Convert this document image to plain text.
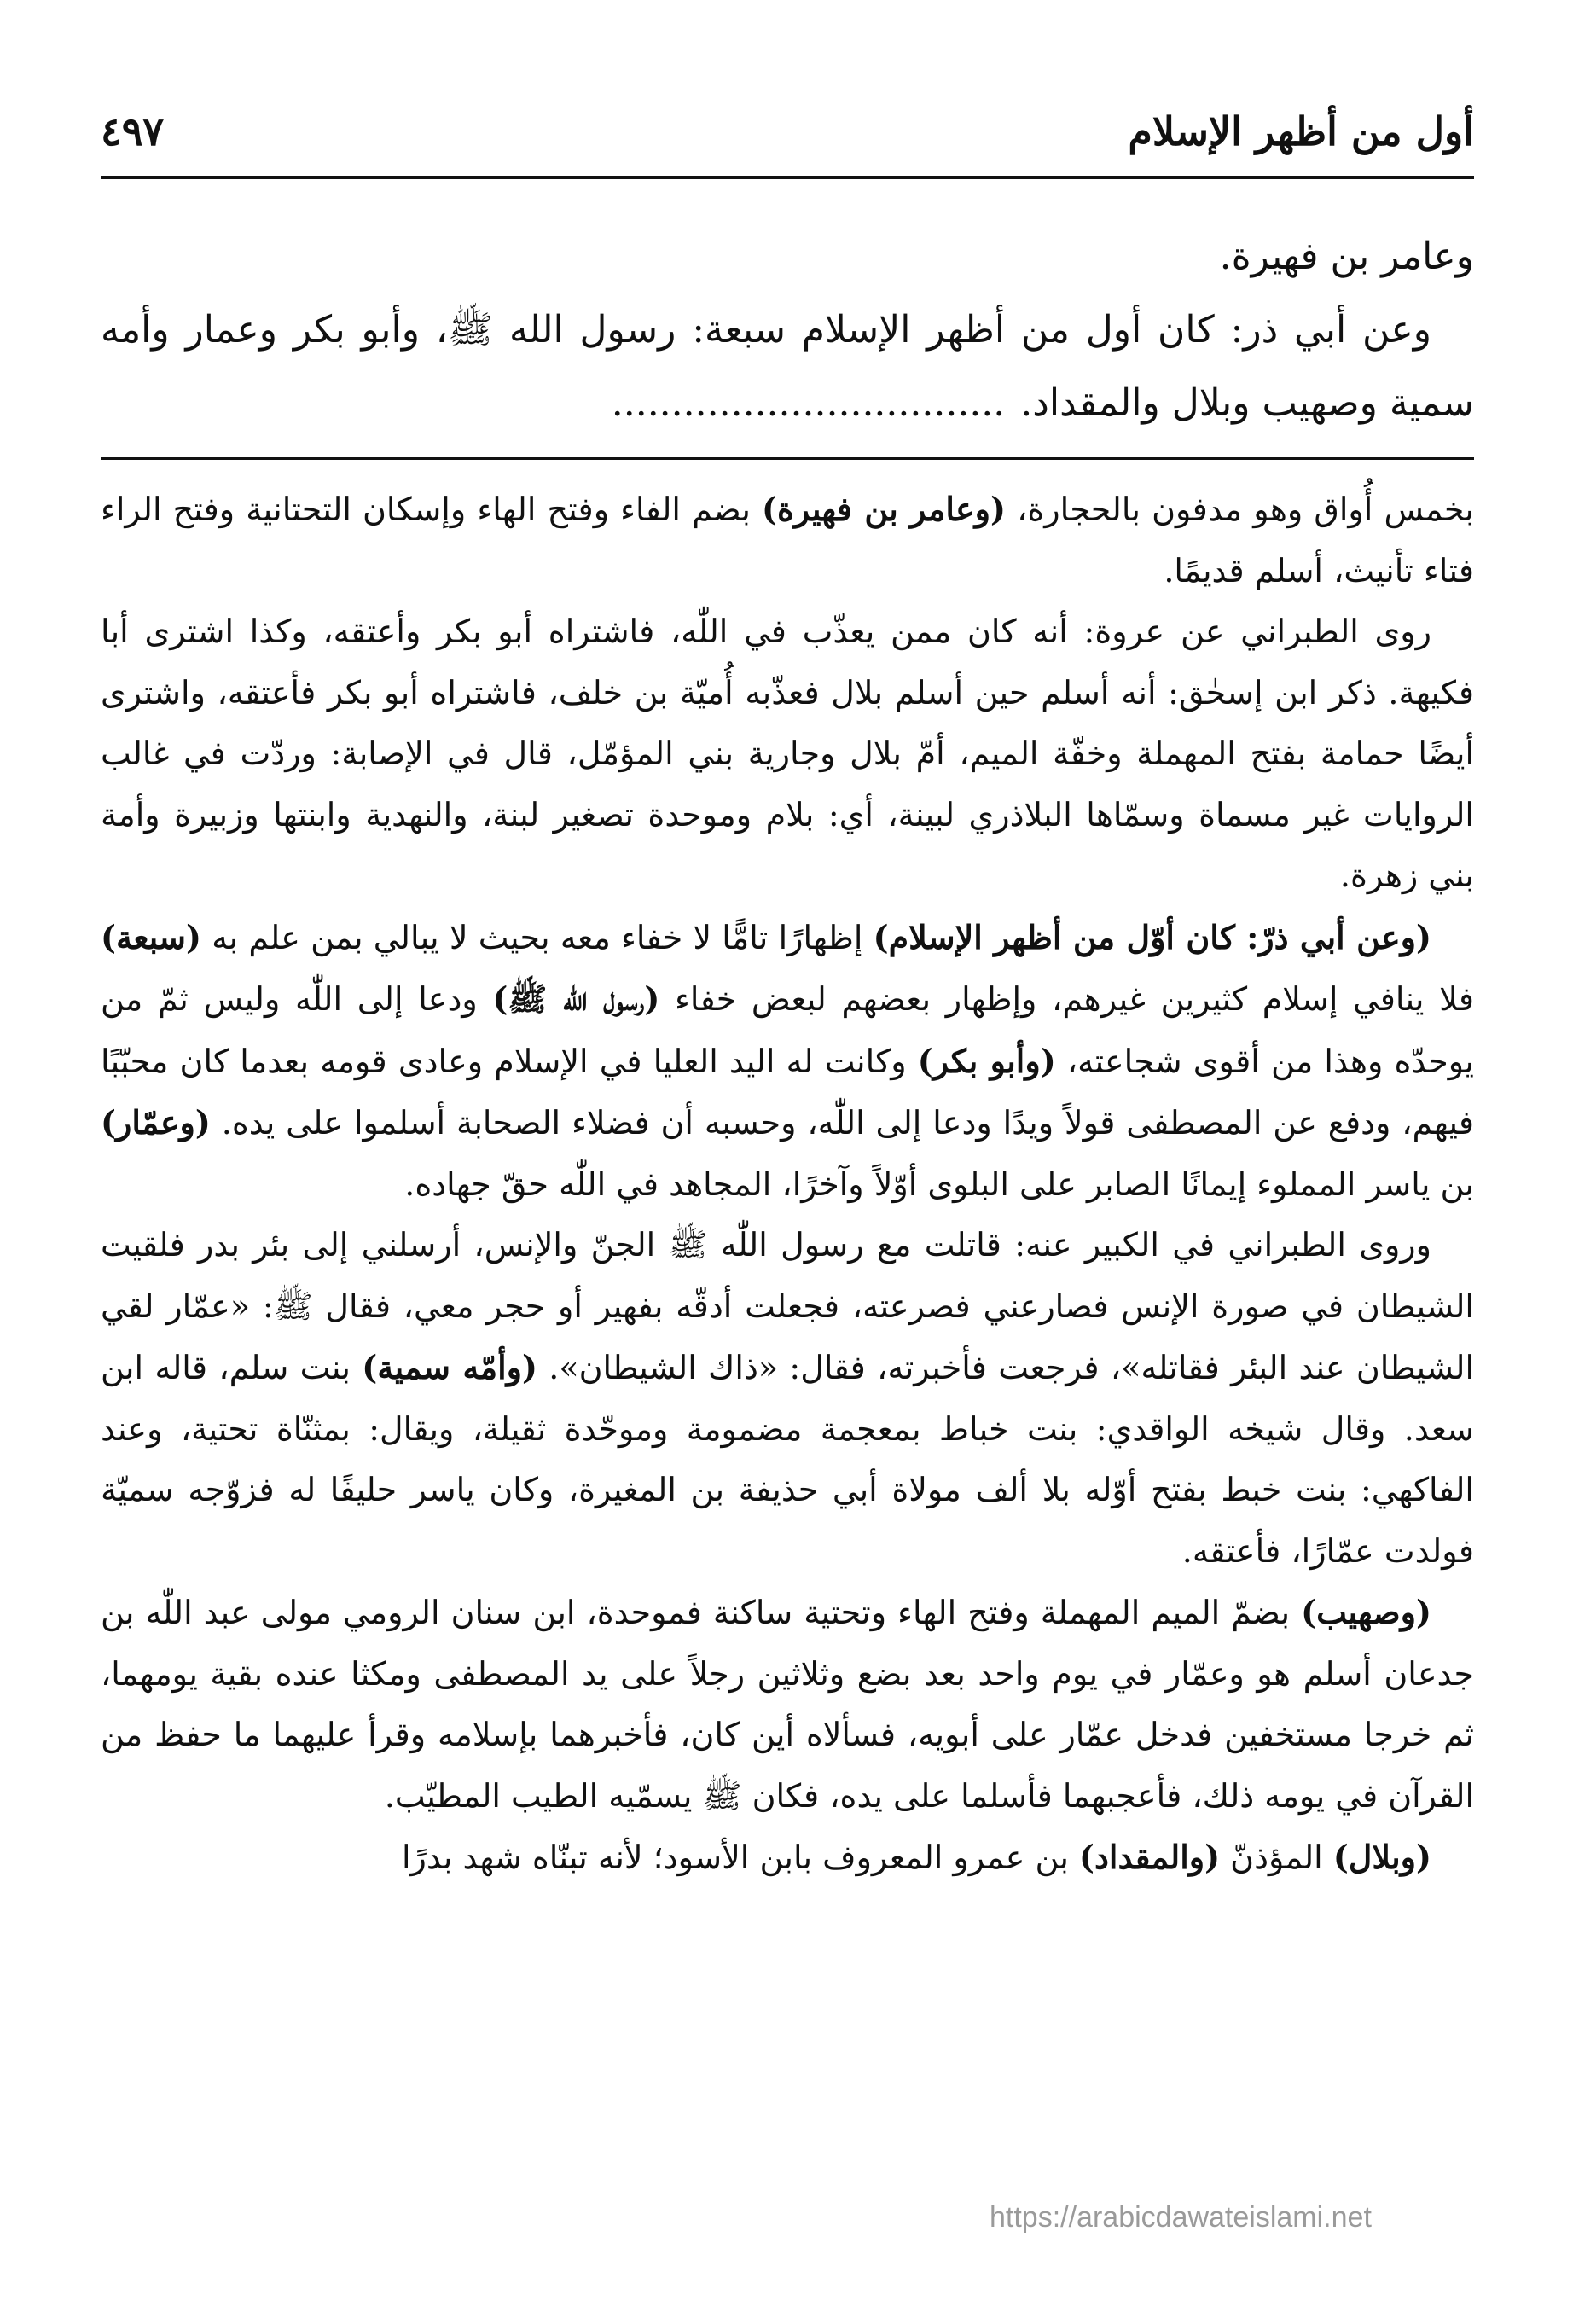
أول من أظهر الإسلام
٤٩٧

وعامر بن فهيرة.

وعن أبي ذر: كان أول من أظهر الإسلام سبعة: رسول الله ﷺ، وأبو بكر وعمار وأمه سمية وصهيب وبلال والمقداد..................................

بخمس أُواق وهو مدفون بالحجارة، (وعامر بن فهيرة) بضم الفاء وفتح الهاء وإسكان التحتانية وفتح الراء فتاء تأنيث، أسلم قديمًا.

روى الطبراني عن عروة: أنه كان ممن يعذّب في اللّٰه، فاشتراه أبو بكر وأعتقه، وكذا اشترى أبا فكيهة. ذكر ابن إسحٰق: أنه أسلم حين أسلم بلال فعذّبه أُميّة بن خلف، فاشتراه أبو بكر فأعتقه، واشترى أيضًا حمامة بفتح المهملة وخفّة الميم، أمّ بلال وجارية بني المؤمّل، قال في الإصابة: وردّت في غالب الروايات غير مسماة وسمّاها البلاذري لبينة، أي: بلام وموحدة تصغير لبنة، والنهدية وابنتها وزبيرة وأمة بني زهرة.

(وعن أبي ذرّ: كان أوّل من أظهر الإسلام) إظهارًا تامًّا لا خفاء معه بحيث لا يبالي بمن علم به (سبعة) فلا ينافي إسلام كثيرين غيرهم، وإظهار بعضهم لبعض خفاء (رسول اللّٰه ﷺ) ودعا إلى اللّٰه وليس ثمّ من يوحدّه وهذا من أقوى شجاعته، (وأبو بكر) وكانت له اليد العليا في الإسلام وعادى قومه بعدما كان محبّبًا فيهم، ودفع عن المصطفى قولاً ويدًا ودعا إلى اللّٰه، وحسبه أن فضلاء الصحابة أسلموا على يده. (وعمّار) بن ياسر المملوء إيمانًا الصابر على البلوى أوّلاً وآخرًا، المجاهد في اللّٰه حقّ جهاده.

وروى الطبراني في الكبير عنه: قاتلت مع رسول اللّٰه ﷺ الجنّ والإنس، أرسلني إلى بئر بدر فلقيت الشيطان في صورة الإنس فصارعني فصرعته، فجعلت أدقّه بفهير أو حجر معي، فقال ﷺ: «عمّار لقي الشيطان عند البئر فقاتله»، فرجعت فأخبرته، فقال: «ذاك الشيطان». (وأمّه سمية) بنت سلم، قاله ابن سعد. وقال شيخه الواقدي: بنت خباط بمعجمة مضمومة وموحّدة ثقيلة، ويقال: بمثنّاة تحتية، وعند الفاكهي: بنت خبط بفتح أوّله بلا ألف مولاة أبي حذيفة بن المغيرة، وكان ياسر حليفًا له فزوّجه سميّة فولدت عمّارًا، فأعتقه.

(وصهيب) بضمّ الميم المهملة وفتح الهاء وتحتية ساكنة فموحدة، ابن سنان الرومي مولى عبد اللّٰه بن جدعان أسلم هو وعمّار في يوم واحد بعد بضع وثلاثين رجلاً على يد المصطفى ومكثا عنده بقية يومهما، ثم خرجا مستخفين فدخل عمّار على أبويه، فسألاه أين كان، فأخبرهما بإسلامه وقرأ عليهما ما حفظ من القرآن في يومه ذلك، فأعجبهما فأسلما على يده، فكان ﷺ يسمّيه الطيب المطيّب.

(وبلال) المؤذنّ (والمقداد) بن عمرو المعروف بابن الأسود؛ لأنه تبنّاه شهد بدرًا

https://arabicdawateislami.net
